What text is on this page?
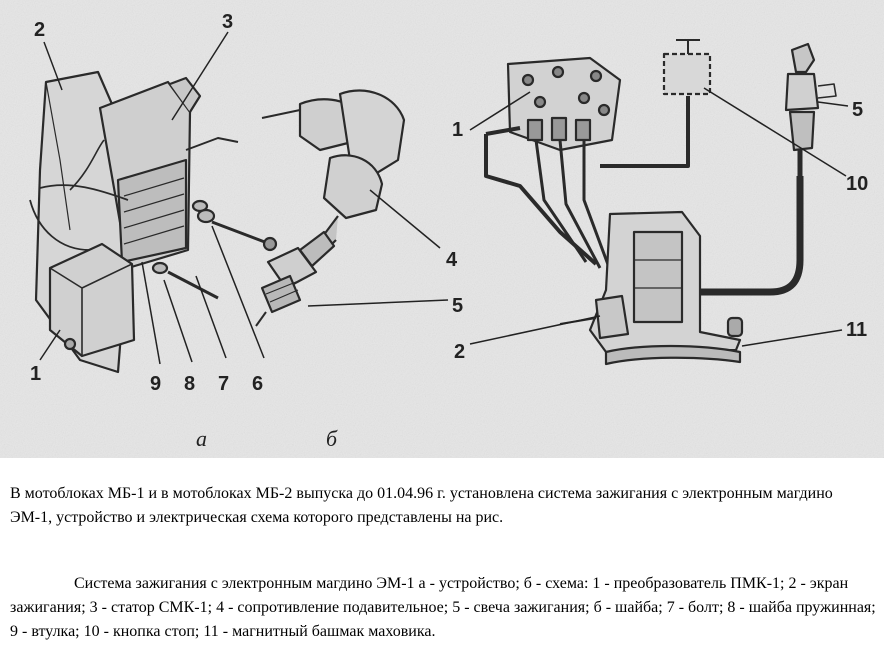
1
2	3
4
5
6
7
8
9
1
2
5
10
11
а	б

В мотоблоках МБ-1 и в мотоблоках МБ-2 выпуска до 01.04.96 г. установлена система зажигания с электронным магдино ЭМ-1, устройство и электрическая схема которого представлены на рис.

Система зажигания с электронным магдино ЭМ-1 а - устройство; б - схема: 1 - преобразователь ПМК-1; 2 - экран зажигания; 3 - статор СМК-1; 4 - сопротивление подавительное; 5 - свеча зажигания; б - шайба; 7 - болт; 8 - шайба пружинная; 9 - втулка; 10 - кнопка стоп; 11 - магнитный башмак маховика.
